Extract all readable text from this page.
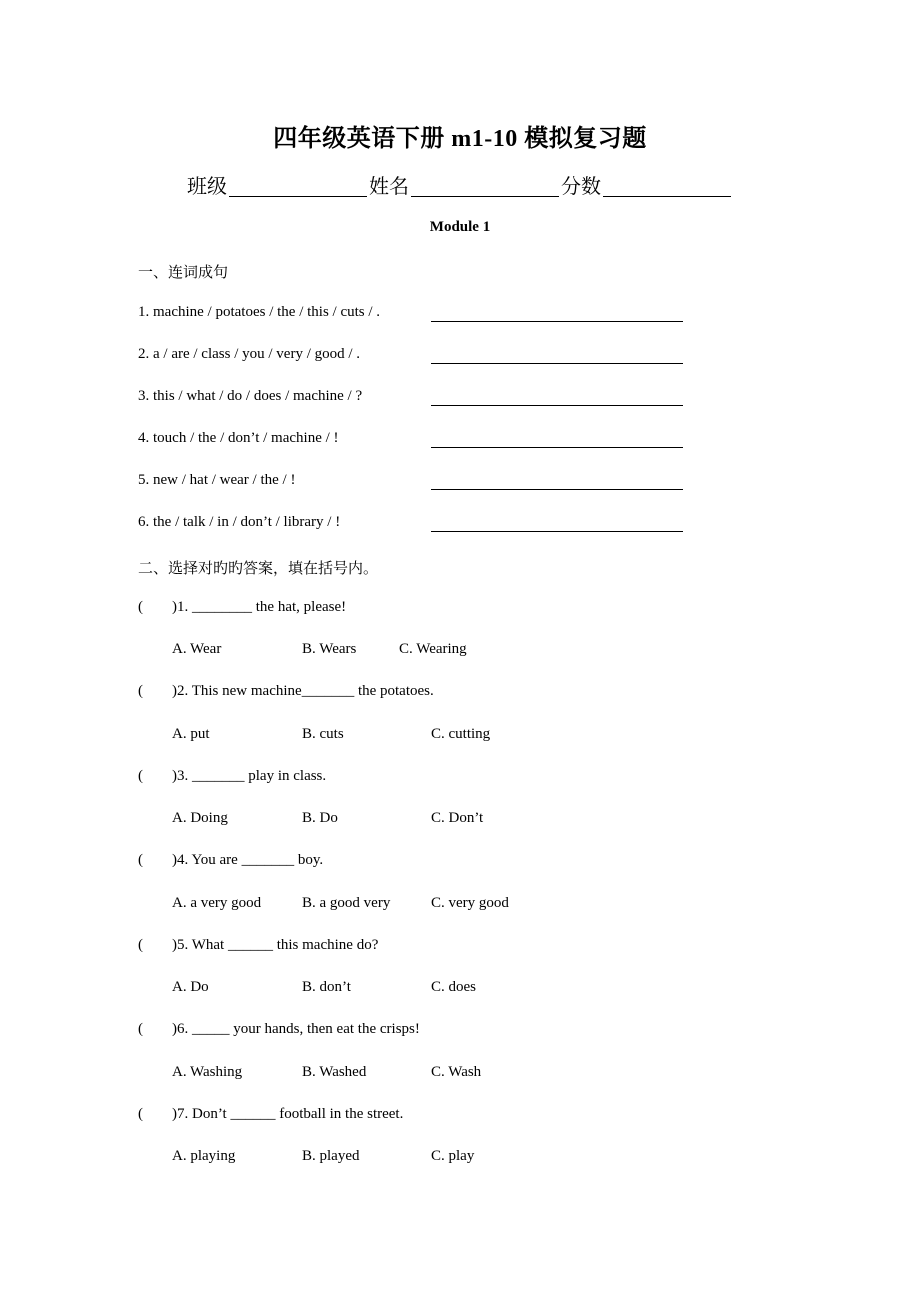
四年级英语下册 m1-10 模拟复习题
班级	姓名	分数
Module 1
一、连词成句
1. machine / potatoes / the / this / cuts / .
2. a / are / class / you / very / good / .
3. this / what / do / does / machine / ?
4. touch / the / don’t / machine / !
5. new / hat / wear / the / !
6. the / talk / in / don’t / library / !
二、选择对旳旳答案，填在括号内。
( )1. ________ the hat, please!
A. Wear	B. Wears	C. Wearing
( )2. This new machine_______ the potatoes.
A. put	B. cuts	C. cutting
( )3. _______ play in class.
A. Doing	B. Do	C. Don’t
( )4. You are _______ boy.
A. a very good	B. a good very	C. very good
( )5. What ______ this machine do?
A. Do	B. don’t	C. does
( )6. _____ your hands, then eat the crisps!
A. Washing	B. Washed	C. Wash
( )7. Don’t ______ football in the street.
A. playing	B. played	C. play
